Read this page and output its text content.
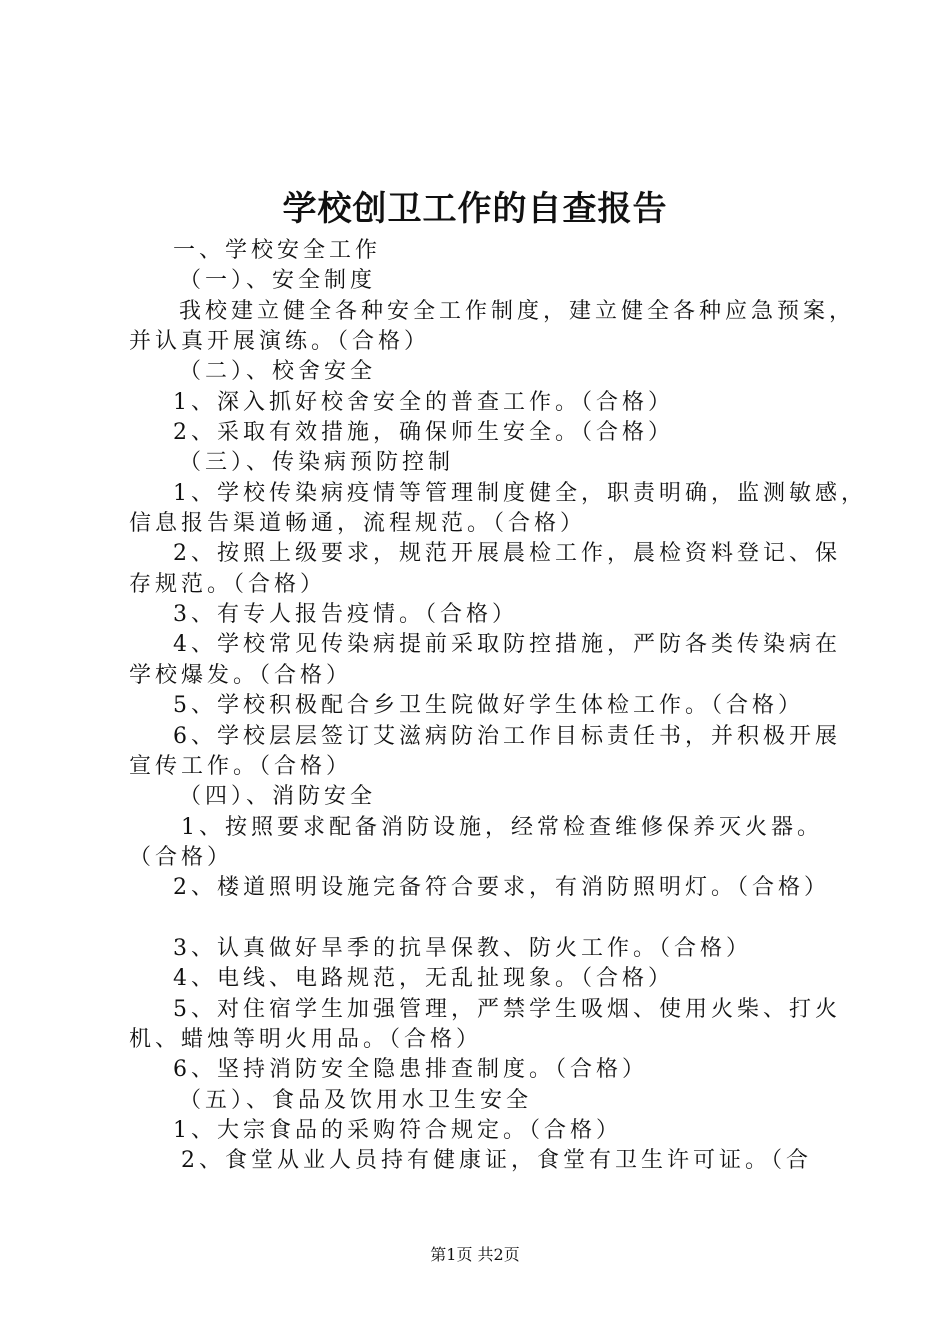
学校创卫工作的自查报告
一、学校安全工作
（一）、安全制度
我校建立健全各种安全工作制度，建立健全各种应急预案，
并认真开展演练。（合格）
（二）、校舍安全
1、深入抓好校舍安全的普查工作。（合格）
2、采取有效措施，确保师生安全。（合格）
（三）、传染病预防控制
1、学校传染病疫情等管理制度健全，职责明确，监测敏感，
信息报告渠道畅通，流程规范。（合格）
2、按照上级要求，规范开展晨检工作，晨检资料登记、保
存规范。（合格）
3、有专人报告疫情。（合格）
4、学校常见传染病提前采取防控措施，严防各类传染病在
学校爆发。（合格）
5、学校积极配合乡卫生院做好学生体检工作。（合格）
6、学校层层签订艾滋病防治工作目标责任书，并积极开展
宣传工作。（合格）
（四）、消防安全
1、按照要求配备消防设施，经常检查维修保养灭火器。
（合格）
2、楼道照明设施完备符合要求，有消防照明灯。（合格）
3、认真做好旱季的抗旱保教、防火工作。（合格）
4、电线、电路规范，无乱扯现象。（合格）
5、对住宿学生加强管理，严禁学生吸烟、使用火柴、打火
机、蜡烛等明火用品。（合格）
6、坚持消防安全隐患排查制度。（合格）
（五）、食品及饮用水卫生安全
1、大宗食品的采购符合规定。（合格）
2、食堂从业人员持有健康证，食堂有卫生许可证。（合
第1页 共2页
